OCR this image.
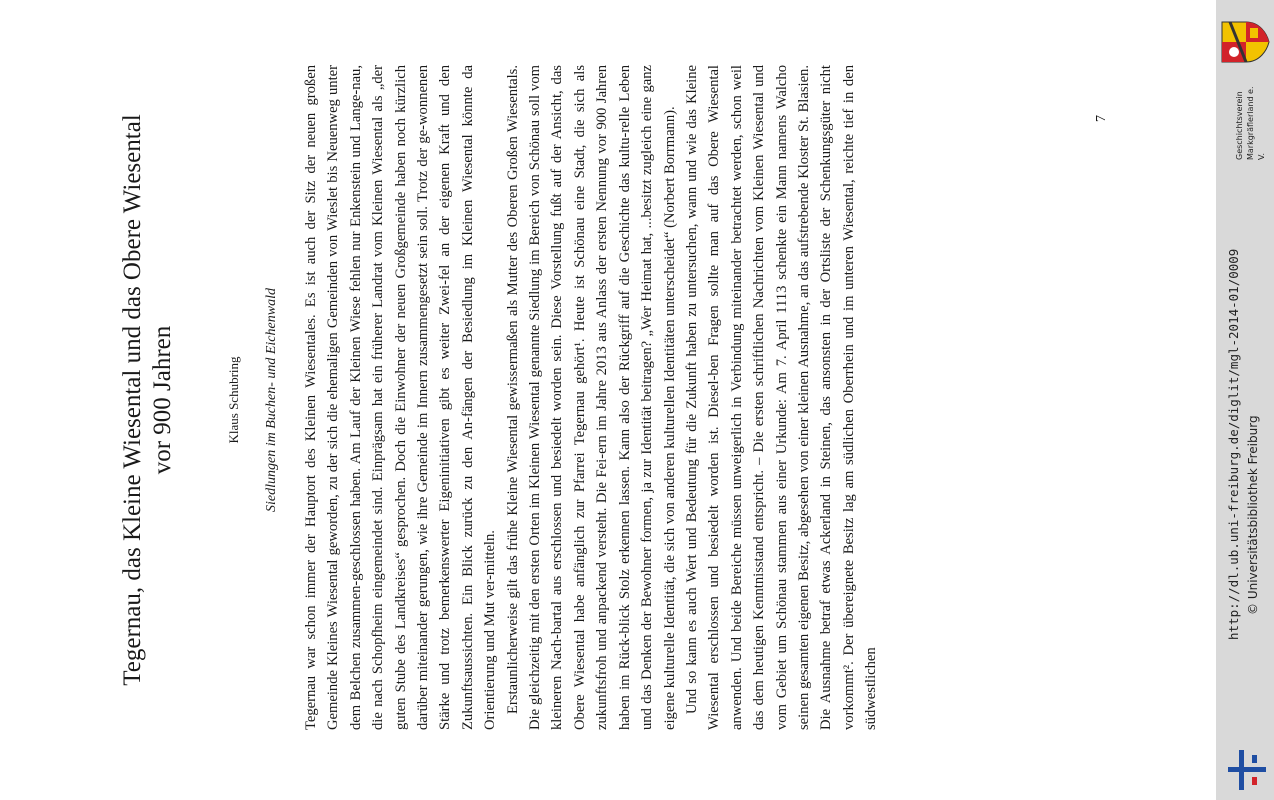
Tegernau, das Kleine Wiesental und das Obere Wiesental vor 900 Jahren	Klaus Schubring Siedlungen im Buchen- und Eichenwald Tegernau war schon immer der Hauptort des Kleinen Wiesentales. Es ist auch der Sitz der neuen großen Gemeinde Kleines Wiesental geworden, zu der sich die ehemaligen Gemeinden von Wieslet bis Neuenweg unter dem Belchen zusammen-geschlossen haben. Am Lauf der Kleinen Wiese fehlen nur Enkenstein und Lange-nau, die nach Schopfheim eingemeindet sind. Einprägsam hat ein früherer Landrat vom Kleinen Wiesental als „der guten Stube des Landkreises“ gesprochen. Doch die Einwohner der neuen Großgemeinde haben noch kürzlich darüber miteinander gerungen, wie ihre Gemeinde im Innern zusammengesetzt sein soll. Trotz der ge-wonnenen Stärke und trotz bemerkenswerter Eigeninitiativen gibt es weiter Zwei-fel an der eigenen Kraft und den Zukunftsaussichten. Ein Blick zurück zu den An-fängen der Besiedlung im Kleinen Wiesental könnte da Orientierung und Mut ver-mitteln. Erstaunlicherweise gilt das frühe Kleine Wiesental gewissermaßen als Mutter des Oberen Großen Wiesentals. Die gleichzeitig mit den ersten Orten im Kleinen Wiesental genannte Siedlung im Bereich von Schönau soll vom kleineren Nach-bartal aus erschlossen und besiedelt worden sein. Diese Vorstellung fußt auf der Ansicht, das Obere Wiesental habe anfänglich zur Pfarrei Tegernau gehört¹. Heute ist Schönau eine Stadt, die sich als zukunftsfroh und anpackend versteht. Die Fei-ern im Jahre 2013 aus Anlass der ersten Nennung vor 900 Jahren haben im Rück-blick Stolz erkennen lassen. Kann also der Rückgriff auf die Geschichte das kultu-relle Leben und das Denken der Bewohner formen, ja zur Identität beitragen? „Wer Heimat hat, ...besitzt zugleich eine ganz eigene kulturelle Identität, die sich von anderen kulturellen Identitäten unterscheidet“ (Norbert Borrmann). Und so kann es auch Wert und Bedeutung für die Zukunft haben zu untersuchen, wann und wie das Kleine Wiesental erschlossen und besiedelt worden ist. Diesel-ben Fragen sollte man auf das Obere Wiesental anwenden. Und beide Bereiche müssen unweigerlich in Verbindung miteinander betrachtet werden, schon weil das dem heutigen Kenntnisstand entspricht. – Die ersten schriftlichen Nachrichten vom Kleinen Wiesental und vom Gebiet um Schönau stammen aus einer Urkunde: Am 7. April 1113 schenkte ein Mann namens Walcho seinen gesamten eigenen Besitz, abgesehen von einer kleinen Ausnahme, an das aufstrebende Kloster St. Blasien. Die Ausnahme betraf etwas Ackerland in Steinen, das ansonsten in der Ortsliste der Schenkungsgüter nicht vorkommt². Der übereignete Besitz lag am südlichen Oberrhein und im unteren Wiesental, reichte tief in den südwestlichen

7
http://dl.ub.uni-freiburg.de/diglit/mgl-2014-01/0009 © Universitätsbibliothek Freiburg
Geschichtsverein Markgräflerland e. V.
